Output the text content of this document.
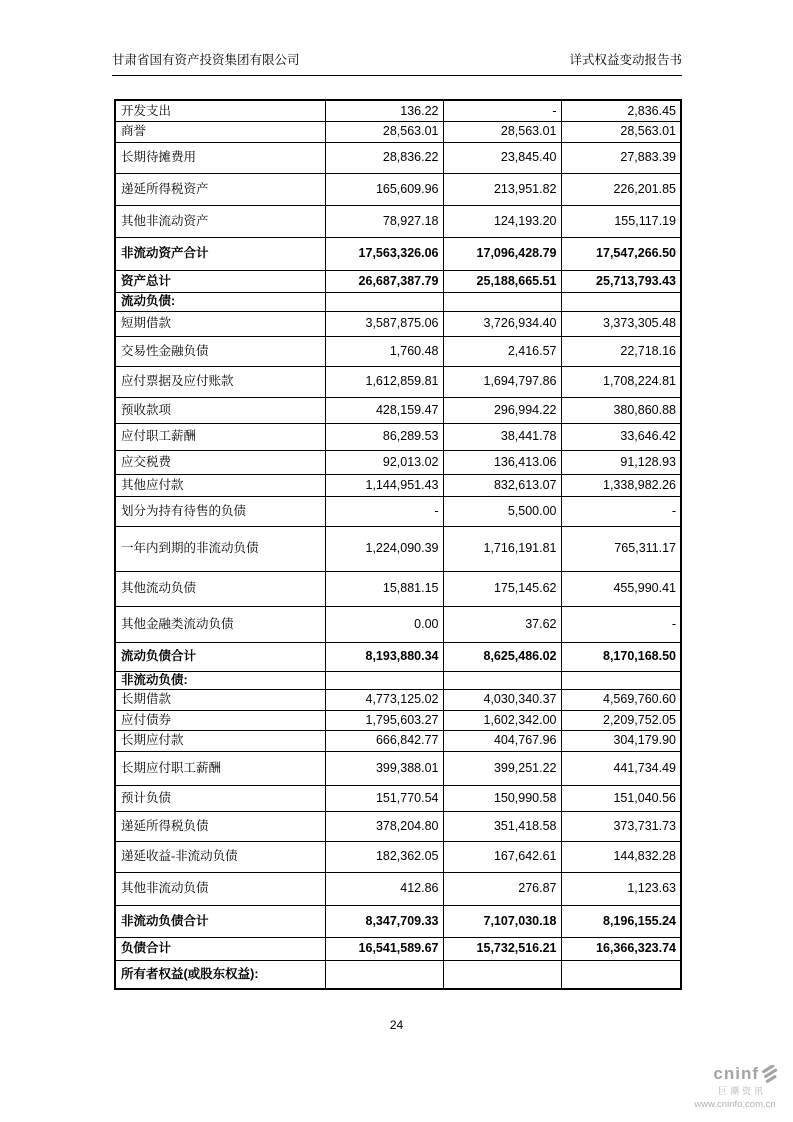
甘肃省国有资产投资集团有限公司	详式权益变动报告书
开发支出	136.22	-	2,836.45
商誉	28,563.01	28,563.01	28,563.01
长期待摊费用	28,836.22	23,845.40	27,883.39
递延所得税资产	165,609.96	213,951.82	226,201.85
其他非流动资产	78,927.18	124,193.20	155,117.19
非流动资产合计	17,563,326.06	17,096,428.79	17,547,266.50
资产总计	26,687,387.79	25,188,665.51	25,713,793.43
流动负债:			
短期借款	3,587,875.06	3,726,934.40	3,373,305.48
交易性金融负债	1,760.48	2,416.57	22,718.16
应付票据及应付账款	1,612,859.81	1,694,797.86	1,708,224.81
预收款项	428,159.47	296,994.22	380,860.88
应付职工薪酬	86,289.53	38,441.78	33,646.42
应交税费	92,013.02	136,413.06	91,128.93
其他应付款	1,144,951.43	832,613.07	1,338,982.26
划分为持有待售的负债	-	5,500.00	-
一年内到期的非流动负债	1,224,090.39	1,716,191.81	765,311.17
其他流动负债	15,881.15	175,145.62	455,990.41
其他金融类流动负债	0.00	37.62	-
流动负债合计	8,193,880.34	8,625,486.02	8,170,168.50
非流动负债:			
长期借款	4,773,125.02	4,030,340.37	4,569,760.60
应付债券	1,795,603.27	1,602,342.00	2,209,752.05
长期应付款	666,842.77	404,767.96	304,179.90
长期应付职工薪酬	399,388.01	399,251.22	441,734.49
预计负债	151,770.54	150,990.58	151,040.56
递延所得税负债	378,204.80	351,418.58	373,731.73
递延收益-非流动负债	182,362.05	167,642.61	144,832.28
其他非流动负债	412.86	276.87	1,123.63
非流动负债合计	8,347,709.33	7,107,030.18	8,196,155.24
负债合计	16,541,589.67	15,732,516.21	16,366,323.74
所有者权益(或股东权益):			
24
cninf
巨潮资讯
www.cninfo.com.cn
